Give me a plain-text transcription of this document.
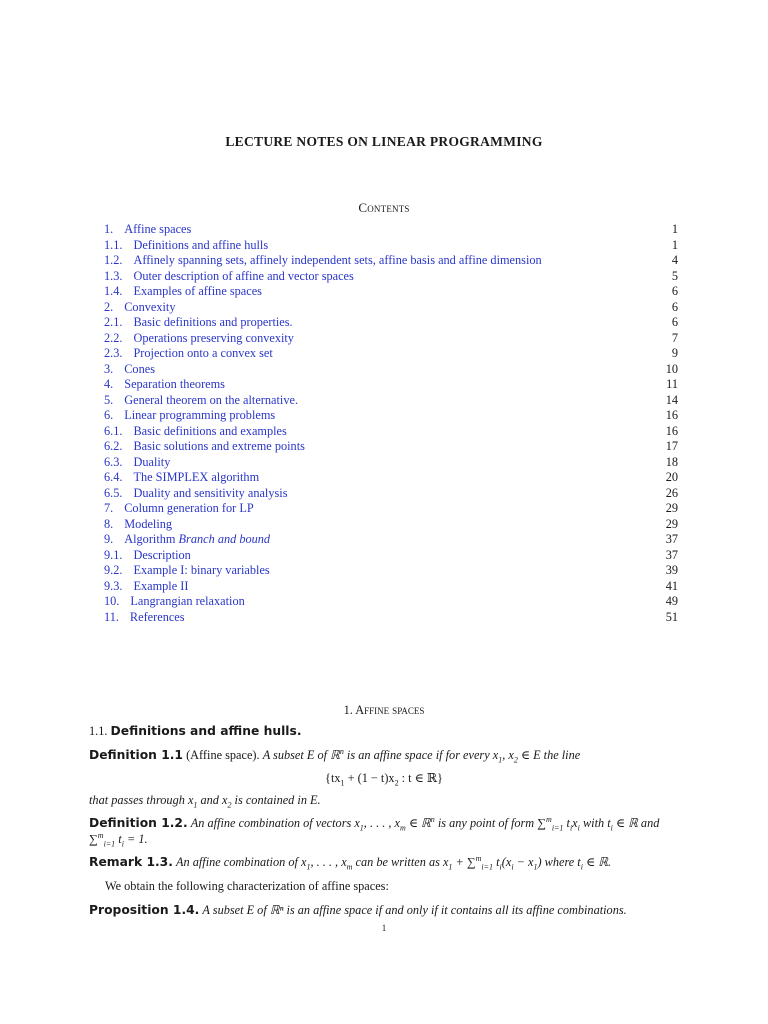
LECTURE NOTES ON LINEAR PROGRAMMING
Contents
1. Affine spaces	1
1.1. Definitions and affine hulls	1
1.2. Affinely spanning sets, affinely independent sets, affine basis and affine dimension	4
1.3. Outer description of affine and vector spaces	5
1.4. Examples of affine spaces	6
2. Convexity	6
2.1. Basic definitions and properties.	6
2.2. Operations preserving convexity	7
2.3. Projection onto a convex set	9
3. Cones	10
4. Separation theorems	11
5. General theorem on the alternative.	14
6. Linear programming problems	16
6.1. Basic definitions and examples	16
6.2. Basic solutions and extreme points	17
6.3. Duality	18
6.4. The SIMPLEX algorithm	20
6.5. Duality and sensitivity analysis	26
7. Column generation for LP	29
8. Modeling	29
9. Algorithm Branch and bound	37
9.1. Description	37
9.2. Example I: binary variables	39
9.3. Example II	41
10. Langrangian relaxation	49
11. References	51
1. Affine spaces
1.1. Definitions and affine hulls.
Definition 1.1 (Affine space). A subset E of ℝ$^n$ is an affine space if for every $x_1$, $x_2$ ∈ E the line
{$tx_1 + (1 - t)x_2$ : t ∈ ℝ}
that passes through $x_1$ and $x_2$ is contained in E.
Definition 1.2. An affine combination of vectors $x_1$, . . . , $x_m$ ∈ ℝ$^n$ is any point of form ∑$^m_{i=1}$ $t_ix_i$ with $t_i$ ∈ ℝ and ∑$^m_{i=1}$ $t_i = 1$.
Remark 1.3. An affine combination of $x_1$, . . . , $x_m$ can be written as $x_1 + \sum^m_{i=1}$ $t_i(x_i - x_1)$ where $t_i$ ∈ ℝ.
We obtain the following characterization of affine spaces:
Proposition 1.4. A subset E of ℝⁿ is an affine space if and only if it contains all its affine combinations.
1
